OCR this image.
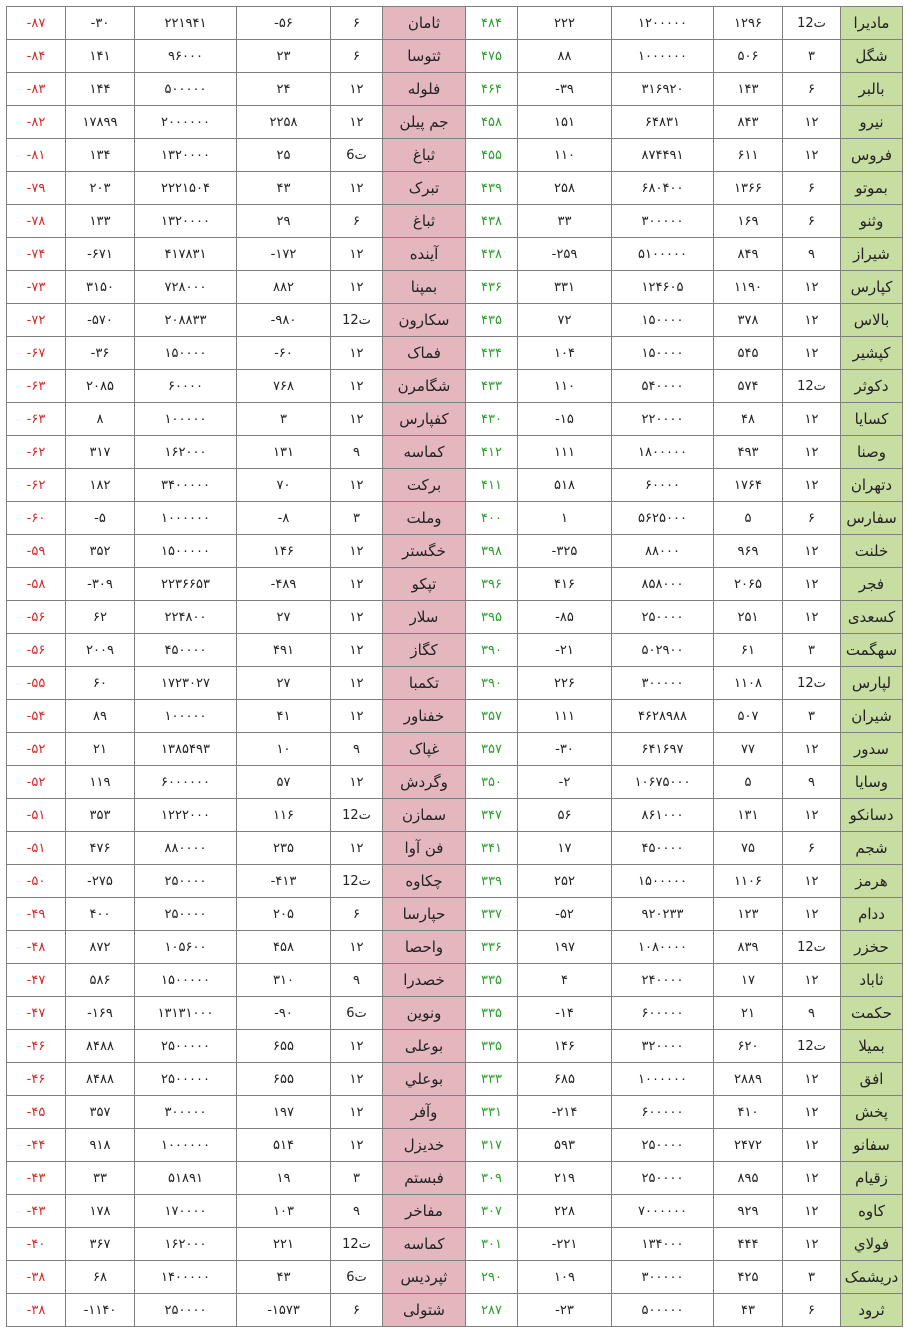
-۸۷	-۳۰	۲۲۱۹۴۱	-۵۶	۶	ثامان	۴۸۴	۲۲۲	۱۲۰۰۰۰۰	۱۲۹۶	12ت	مادیرا
-۸۴	۱۴۱	۹۶۰۰۰	۲۳	۶	ثتوسا	۴۷۵	۸۸	۱۰۰۰۰۰۰	۵۰۶	۳	شگل
-۸۳	۱۴۴	۵۰۰۰۰۰	۲۴	۱۲	فلوله	۴۶۴	-۳۹	۳۱۶۹۲۰	۱۴۳	۶	بالبر
-۸۲	۱۷۸۹۹	۲۰۰۰۰۰۰	۲۲۵۸	۱۲	جم پیلن	۴۵۸	۱۵۱	۶۴۸۳۱	۸۴۳	۱۲	نیرو
-۸۱	۱۳۴	۱۳۲۰۰۰۰	۲۵	6ت	ثباغ	۴۵۵	۱۱۰	۸۷۴۴۹۱	۶۱۱	۱۲	فروس
-۷۹	۲۰۳	۲۲۲۱۵۰۴	۴۳	۱۲	تبرک	۴۳۹	۲۵۸	۶۸۰۴۰۰	۱۳۶۶	۶	بموتو
-۷۸	۱۳۳	۱۳۲۰۰۰۰	۲۹	۶	ثباغ	۴۳۸	۳۳	۳۰۰۰۰۰	۱۶۹	۶	وثنو
-۷۴	-۶۷۱	۴۱۷۸۳۱	-۱۷۲	۱۲	آینده	۴۳۸	-۲۵۹	۵۱۰۰۰۰۰	۸۴۹	۹	شیراز
-۷۳	۳۱۵۰	۷۲۸۰۰۰	۸۸۲	۱۲	بمپنا	۴۳۶	۳۳۱	۱۲۴۶۰۵	۱۱۹۰	۱۲	کپارس
-۷۲	-۵۷۰	۲۰۸۸۳۳	-۹۸۰	12ت	سکارون	۴۳۵	۷۲	۱۵۰۰۰۰	۳۷۸	۱۲	بالاس
-۶۷	-۳۶	۱۵۰۰۰۰	-۶۰	۱۲	فماک	۴۳۴	۱۰۴	۱۵۰۰۰۰	۵۴۵	۱۲	کپشیر
-۶۳	۲۰۸۵	۶۰۰۰۰	۷۶۸	۱۲	شگامرن	۴۳۳	۱۱۰	۵۴۰۰۰۰	۵۷۴	12ت	دکوثر
-۶۳	۸	۱۰۰۰۰۰	۳	۱۲	کفپارس	۴۳۰	-۱۵	۲۲۰۰۰۰	۴۸	۱۲	کسایا
-۶۲	۳۱۷	۱۶۲۰۰۰	۱۳۱	۹	کماسه	۴۱۲	۱۱۱	۱۸۰۰۰۰۰	۴۹۳	۱۲	وصنا
-۶۲	۱۸۲	۳۴۰۰۰۰۰	۷۰	۱۲	برکت	۴۱۱	۵۱۸	۶۰۰۰۰	۱۷۶۴	۱۲	دتهران
-۶۰	-۵	۱۰۰۰۰۰۰	-۸	۳	وملت	۴۰۰	۱	۵۶۲۵۰۰۰	۵	۶	سفارس
-۵۹	۳۵۲	۱۵۰۰۰۰۰	۱۴۶	۱۲	خگستر	۳۹۸	-۳۲۵	۸۸۰۰۰	۹۶۹	۱۲	خلنت
-۵۸	-۳۰۹	۲۲۳۶۶۵۳	-۴۸۹	۱۲	تپکو	۳۹۶	۴۱۶	۸۵۸۰۰۰	۲۰۶۵	۱۲	فجر
-۵۶	۶۲	۲۲۴۸۰۰	۲۷	۱۲	سلار	۳۹۵	-۸۵	۲۵۰۰۰۰	۲۵۱	۱۲	کسعدی
-۵۶	۲۰۰۹	۴۵۰۰۰۰	۴۹۱	۱۲	کگاز	۳۹۰	-۲۱	۵۰۲۹۰۰	۶۱	۳	سهگمت
-۵۵	۶۰	۱۷۲۳۰۲۷	۲۷	۱۲	تکمبا	۳۹۰	۲۲۶	۳۰۰۰۰۰	۱۱۰۸	12ت	لپارس
-۵۴	۸۹	۱۰۰۰۰۰	۴۱	۱۲	خفناور	۳۵۷	۱۱۱	۴۶۲۸۹۸۸	۵۰۷	۳	شیران
-۵۲	۲۱	۱۳۸۵۴۹۳	۱۰	۹	غپاک	۳۵۷	-۳۰	۶۴۱۶۹۷	۷۷	۱۲	سدور
-۵۲	۱۱۹	۶۰۰۰۰۰۰	۵۷	۱۲	وگردش	۳۵۰	-۲	۱۰۶۷۵۰۰۰	۵	۹	وسایا
-۵۱	۳۵۳	۱۲۲۲۰۰۰	۱۱۶	12ت	سمازن	۳۴۷	۵۶	۸۶۱۰۰۰	۱۳۱	۱۲	دسانکو
-۵۱	۴۷۶	۸۸۰۰۰۰	۲۳۵	۱۲	فن آوا	۳۴۱	۱۷	۴۵۰۰۰۰	۷۵	۶	شجم
-۵۰	-۲۷۵	۲۵۰۰۰۰	-۴۱۳	12ت	چکاوه	۳۳۹	۲۵۲	۱۵۰۰۰۰۰	۱۱۰۶	۱۲	هرمز
-۴۹	۴۰۰	۲۵۰۰۰۰	۲۰۵	۶	حپارسا	۳۳۷	-۵۲	۹۲۰۲۳۳	۱۲۳	۱۲	ددام
-۴۸	۸۷۲	۱۰۵۶۰۰	۴۵۸	۱۲	واحصا	۳۳۶	۱۹۷	۱۰۸۰۰۰۰	۸۳۹	12ت	حخزر
-۴۷	۵۸۶	۱۵۰۰۰۰۰	۳۱۰	۹	خصدرا	۳۳۵	۴	۲۴۰۰۰۰	۱۷	۱۲	ثاباد
-۴۷	-۱۶۹	۱۳۱۳۱۰۰۰	-۹۰	6ت	ونوین	۳۳۵	-۱۴	۶۰۰۰۰۰	۲۱	۹	حکمت
-۴۶	۸۴۸۸	۲۵۰۰۰۰۰	۶۵۵	۱۲	بوعلی	۳۳۵	۱۴۶	۳۲۰۰۰۰	۶۲۰	12ت	بمیلا
-۴۶	۸۴۸۸	۲۵۰۰۰۰۰	۶۵۵	۱۲	بوعلي	۳۳۳	۶۸۵	۱۰۰۰۰۰۰	۲۸۸۹	۱۲	افق
-۴۵	۳۵۷	۳۰۰۰۰۰	۱۹۷	۱۲	وآفر	۳۳۱	-۲۱۴	۶۰۰۰۰۰	۴۱۰	۱۲	پخش
-۴۴	۹۱۸	۱۰۰۰۰۰۰	۵۱۴	۱۲	خدیزل	۳۱۷	۵۹۳	۲۵۰۰۰۰	۲۴۷۲	۱۲	سفانو
-۴۳	۳۳	۵۱۸۹۱	۱۹	۳	فبستم	۳۰۹	۲۱۹	۲۵۰۰۰۰	۸۹۵	۱۲	زقیام
-۴۳	۱۷۸	۱۷۰۰۰۰	۱۰۳	۹	مفاخر	۳۰۷	۲۲۸	۷۰۰۰۰۰۰	۹۲۹	۱۲	کاوه
-۴۰	۳۶۷	۱۶۲۰۰۰	۲۲۱	12ت	کماسه	۳۰۱	-۲۲۱	۱۳۴۰۰۰	۴۴۴	۱۲	فولاي
-۳۸	۶۸	۱۴۰۰۰۰۰	۴۳	6ت	ثپردیس	۲۹۰	۱۰۹	۳۰۰۰۰۰	۴۲۵	۳	دریشمک
-۳۸	-۱۱۴۰	۲۵۰۰۰۰	-۱۵۷۳	۶	شتولی	۲۸۷	-۲۳	۵۰۰۰۰۰	۴۳	۶	ثرود
